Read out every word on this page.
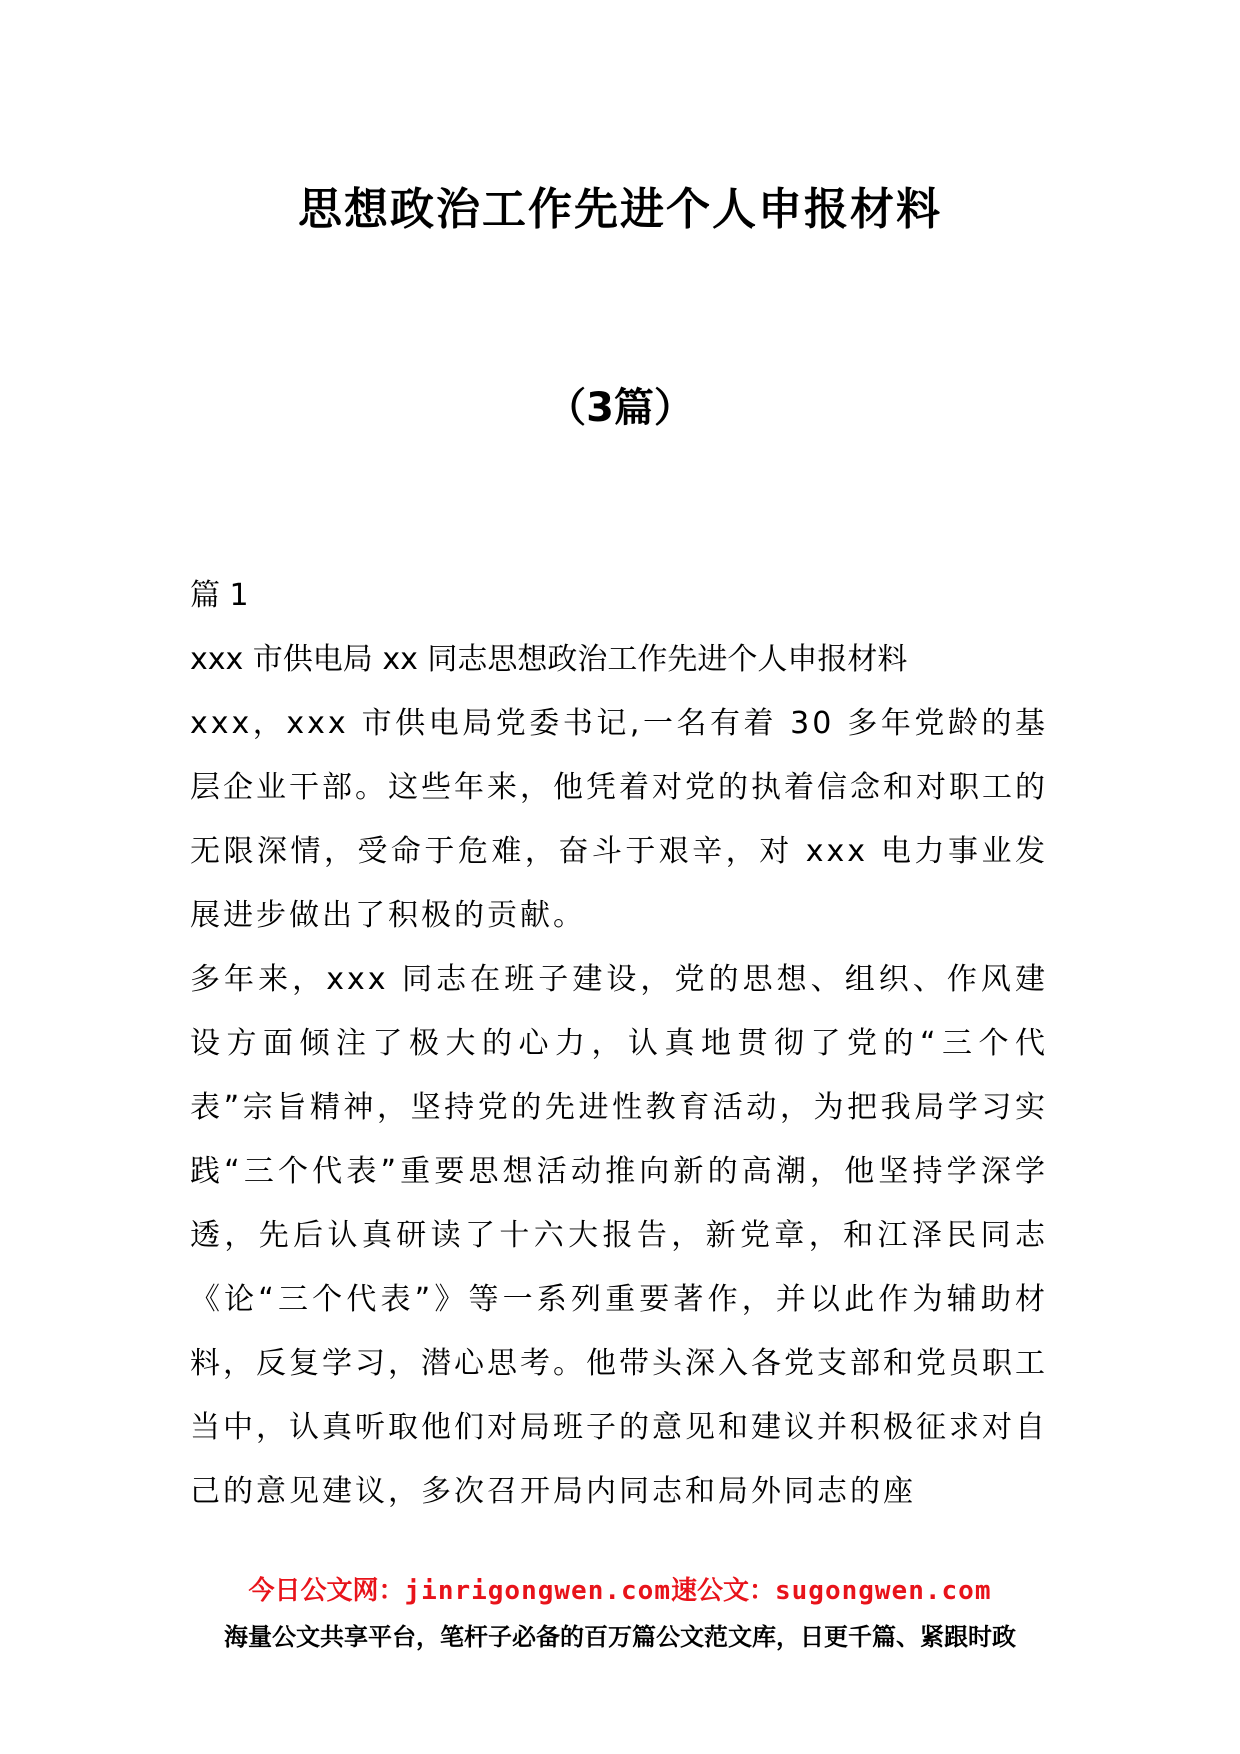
思想政治工作先进个人申报材料
（3篇）

篇 1

xxx 市供电局 xx 同志思想政治工作先进个人申报材料

xxx，xxx 市供电局党委书记,一名有着 30 多年党龄的基层企业干部。这些年来，他凭着对党的执着信念和对职工的无限深情，受命于危难，奋斗于艰辛，对 xxx 电力事业发展进步做出了积极的贡献。

多年来，xxx 同志在班子建设，党的思想、组织、作风建设方面倾注了极大的心力，认真地贯彻了党的“三个代表”宗旨精神，坚持党的先进性教育活动，为把我局学习实践“三个代表”重要思想活动推向新的高潮，他坚持学深学透，先后认真研读了十六大报告，新党章，和江泽民同志《论“三个代表”》等一系列重要著作，并以此作为辅助材料，反复学习，潜心思考。他带头深入各党支部和党员职工当中，认真听取他们对局班子的意见和建议并积极征求对自己的意见建议，多次召开局内同志和局外同志的座

今日公文网：jinrigongwen.com速公文：sugongwen.com
海量公文共享平台，笔杆子必备的百万篇公文范文库，日更千篇、紧跟时政
